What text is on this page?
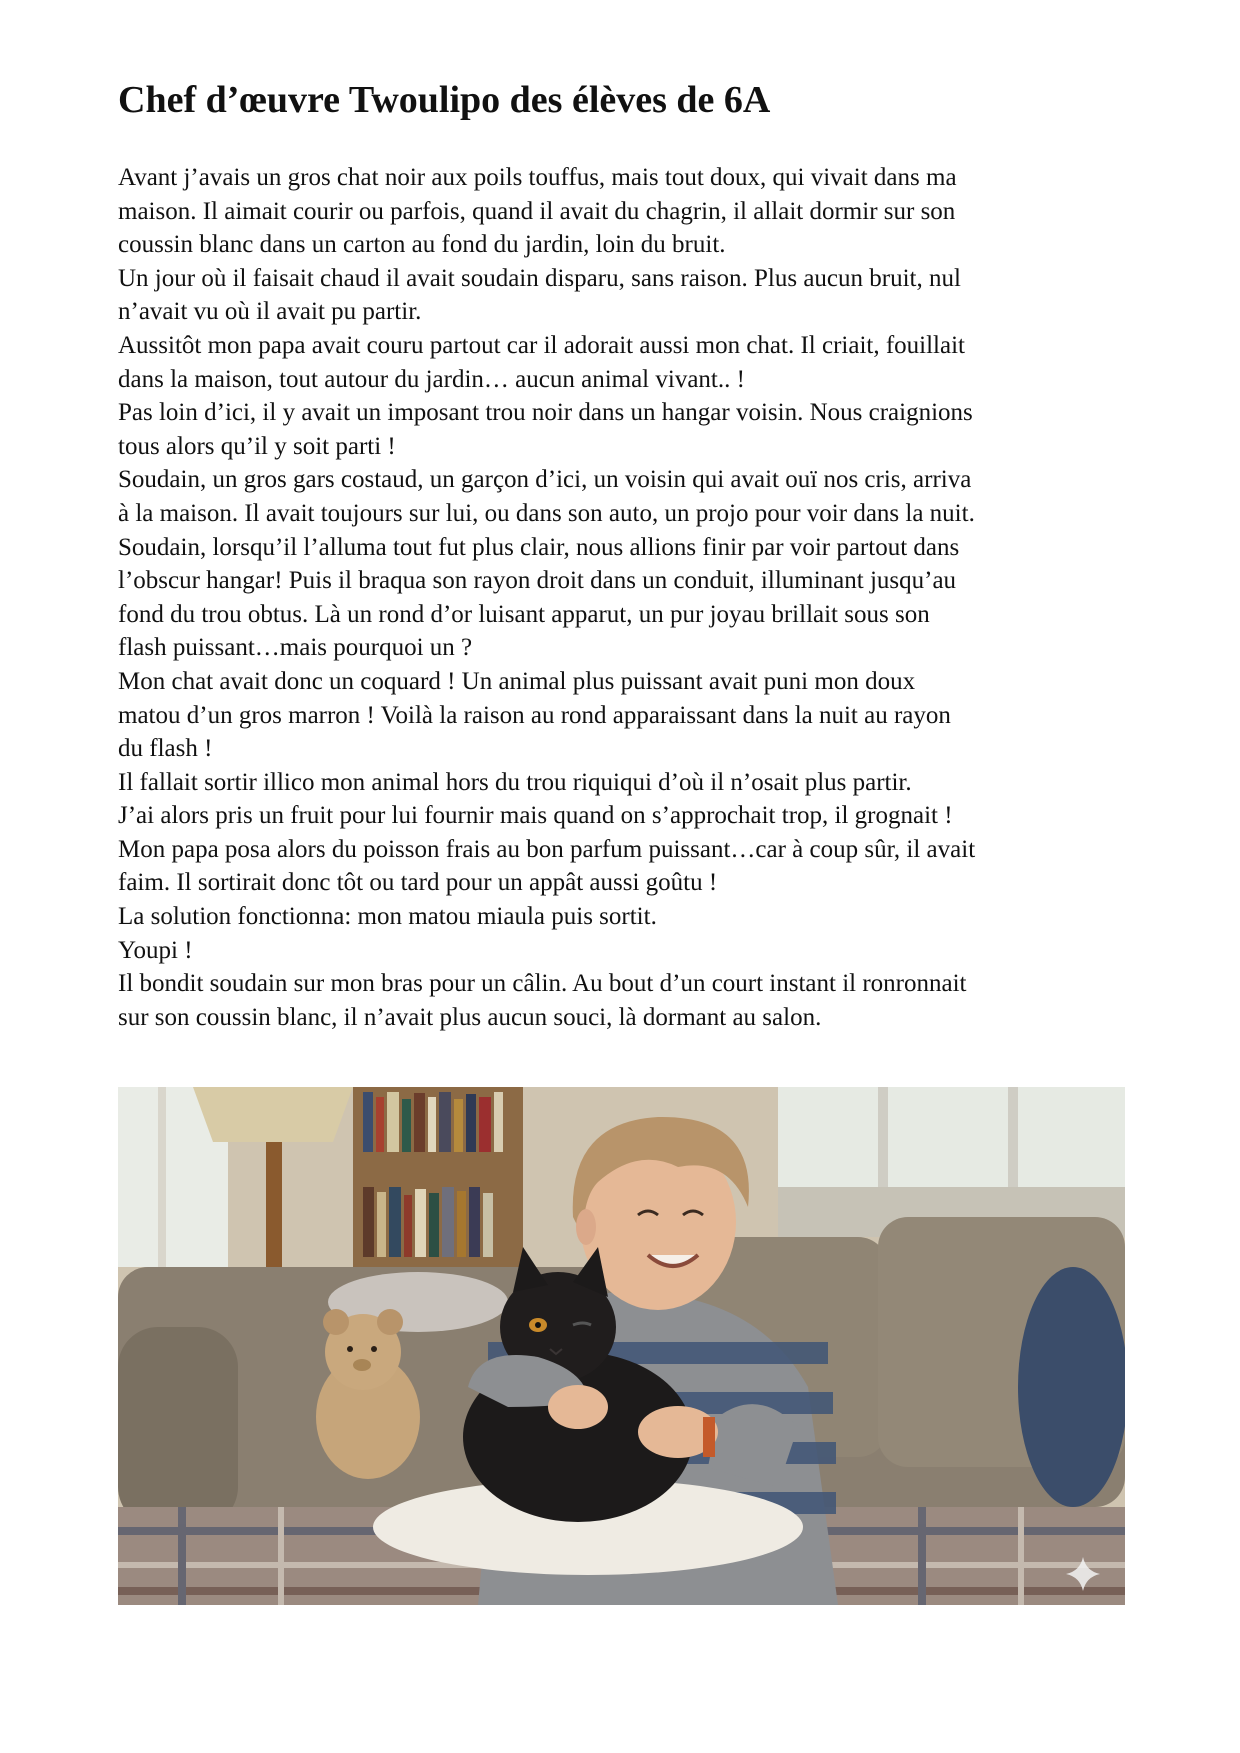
Chef d’œuvre Twoulipo des élèves de 6A
Avant j’avais un gros chat noir aux poils touffus, mais tout doux, qui vivait dans ma
maison. Il aimait courir ou parfois, quand il avait du chagrin, il allait dormir sur son
coussin blanc dans un carton au fond du jardin, loin du bruit.
Un jour où il faisait chaud il avait soudain disparu, sans raison. Plus aucun bruit, nul
n’avait vu où il avait pu partir.
Aussitôt mon papa avait couru partout car il adorait aussi mon chat. Il criait, fouillait
dans la maison, tout autour du jardin… aucun animal vivant.. !
Pas loin d’ici, il y avait un imposant trou noir dans un hangar voisin. Nous craignions
tous alors qu’il y soit parti !
Soudain, un gros gars costaud, un garçon d’ici, un voisin qui avait ouï nos cris, arriva
à la maison. Il avait toujours sur lui, ou dans son auto, un projo pour voir dans la nuit.
Soudain, lorsqu’il l’alluma tout fut plus clair, nous allions finir par voir partout dans
l’obscur hangar! Puis il braqua son rayon droit dans un conduit, illuminant jusqu’au
fond du trou obtus. Là un rond d’or luisant apparut, un pur joyau brillait sous son
flash puissant…mais pourquoi un ?
Mon chat avait donc un coquard ! Un animal plus puissant avait puni mon doux
matou d’un gros marron ! Voilà la raison au rond apparaissant dans la nuit au rayon
du flash !
Il fallait sortir illico mon animal hors du trou riquiqui d’où il n’osait plus partir.
J’ai alors pris un fruit pour lui fournir mais quand on s’approchait trop, il grognait !
Mon papa posa alors du poisson frais au bon parfum puissant…car à coup sûr, il avait
faim. Il sortirait donc tôt ou tard pour un appât aussi goûtu !
La solution fonctionna: mon matou miaula puis sortit.
Youpi !
Il bondit soudain sur mon bras pour un câlin. Au bout d’un court instant il ronronnait
sur son coussin blanc, il n’avait plus aucun souci, là dormant au salon.
